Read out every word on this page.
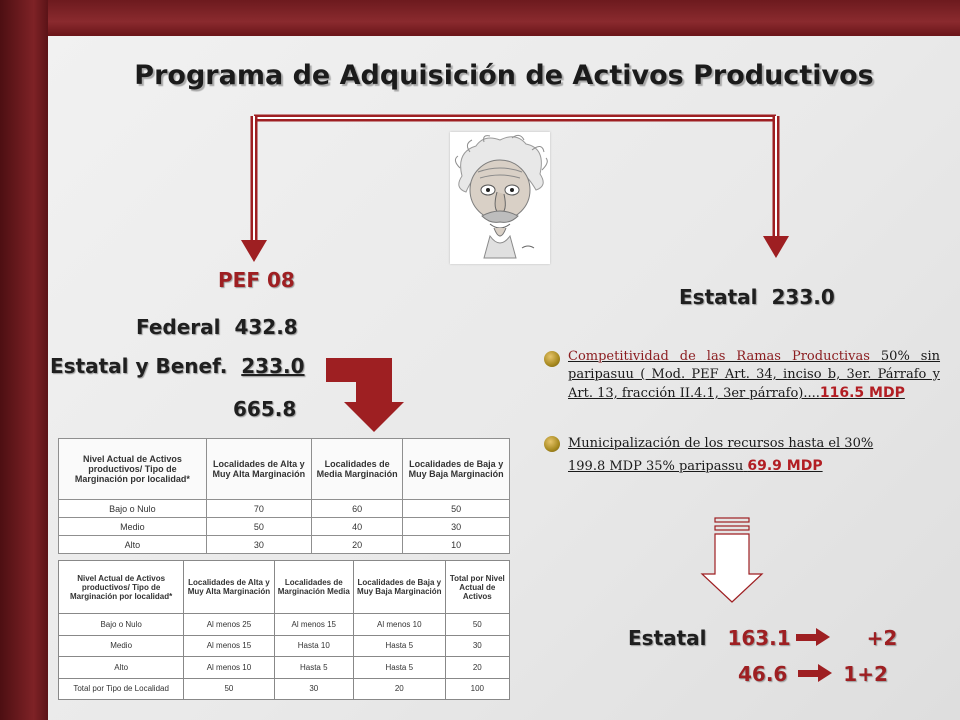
Programa de Adquisición de Activos Productivos
PEF 08
Federal 432.8
Estatal y Benef. 233.0
665.8
Estatal 233.0
Competitividad de las Ramas Productivas 50% sin paripasuu ( Mod. PEF Art. 34, inciso b, 3er. Párrafo y Art. 13, fracción II.4.1, 3er párrafo)....116.5 MDP
Municipalización de los recursos hasta el 30%
199.8 MDP 35% paripassu 69.9 MDP
Estatal 163.1	+2
46.6	1+2
Nivel Actual de Activos productivos/ Tipo de Marginación por localidad*	Localidades de Alta y Muy Alta Marginación	Localidades de Media Marginación	Localidades de Baja y Muy Baja Marginación
Bajo o Nulo	70	60	50
Medio	50	40	30
Alto	30	20	10
Nivel Actual de Activos productivos/ Tipo de Marginación por localidad*	Localidades de Alta y Muy Alta Marginación	Localidades de Marginación Media	Localidades de Baja y Muy Baja Marginación	Total por Nivel Actual de Activos
Bajo o Nulo	Al menos 25	Al menos 15	Al menos 10	50
Medio	Al menos 15	Hasta 10	Hasta 5	30
Alto	Al menos 10	Hasta 5	Hasta 5	20
Total por Tipo de Localidad	50	30	20	100
